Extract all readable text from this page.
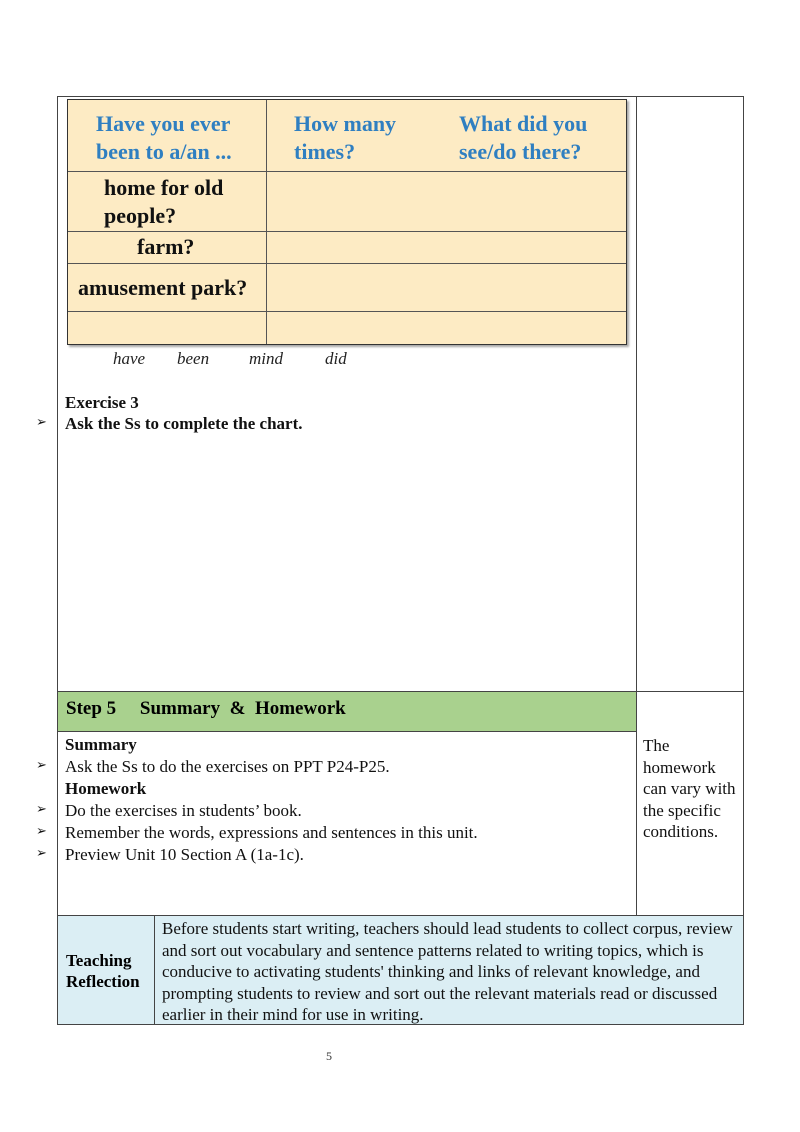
Have you ever
been to a/an ...
How many
times?
What did you
see/do there?
home for old
people?
farm?
amusement park?
have been mind did
Exercise 3
➢ Ask the Ss to complete the chart.
Step 5     Summary  &  Homework
Summary
➢ Ask the Ss to do the exercises on PPT P24-P25.
Homework
➢ Do the exercises in students’ book.
➢ Remember the words, expressions and sentences in this unit.
➢ Preview Unit 10 Section A (1a-1c).
The homework can vary with the specific conditions.
Teaching
Reflection
Before students start writing, teachers should lead students to collect corpus, review and sort out vocabulary and sentence patterns related to writing topics, which is conducive to activating students' thinking and links of relevant knowledge, and prompting students to review and sort out the relevant materials read or discussed earlier in their mind for use in writing.
5
